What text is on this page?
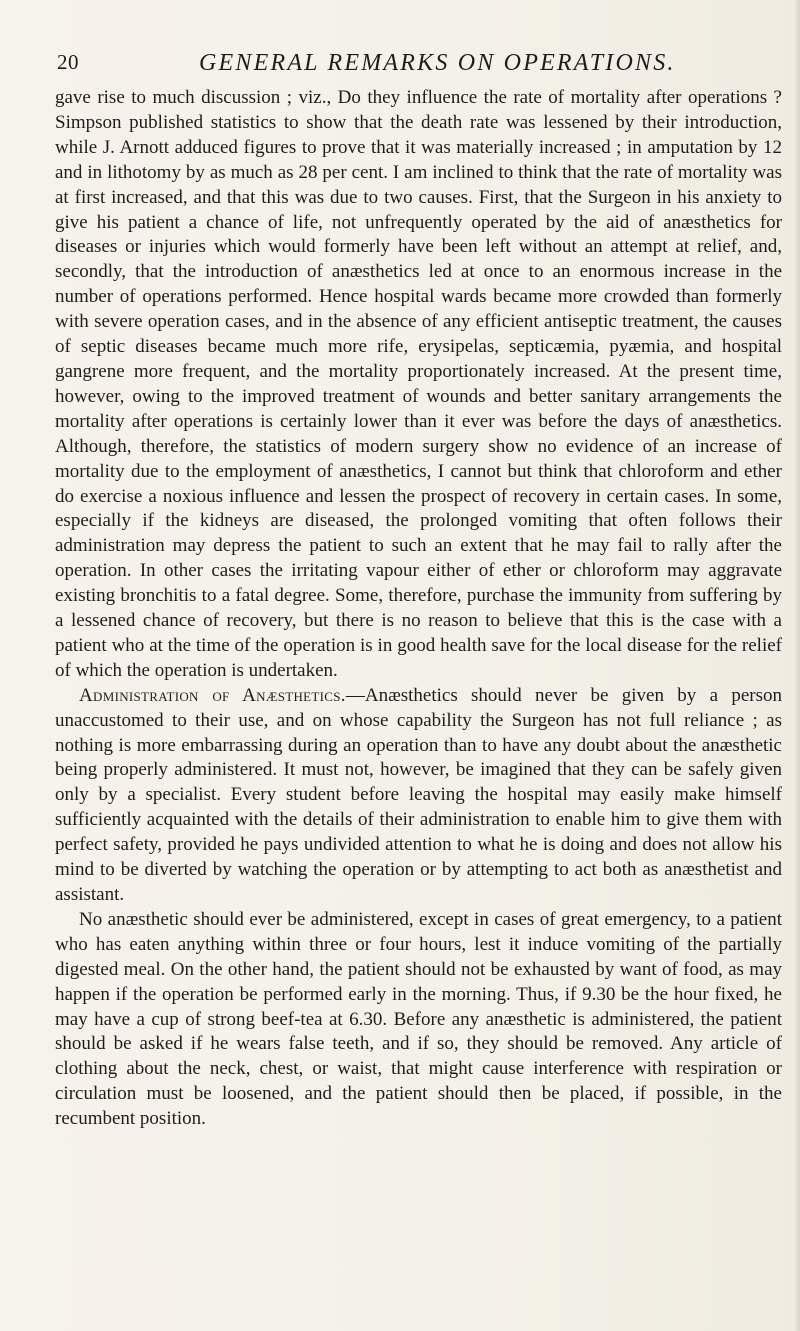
20	GENERAL REMARKS ON OPERATIONS.

gave rise to much discussion ; viz., Do they influence the rate of mortality after operations ? Simpson published statistics to show that the death rate was lessened by their introduction, while J. Arnott adduced figures to prove that it was materially increased ; in amputation by 12 and in lithotomy by as much as 28 per cent. I am inclined to think that the rate of mortality was at first increased, and that this was due to two causes. First, that the Surgeon in his anxiety to give his patient a chance of life, not unfrequently operated by the aid of anæsthetics for diseases or injuries which would formerly have been left without an attempt at relief, and, secondly, that the introduction of anæsthetics led at once to an enormous increase in the number of operations performed. Hence hospital wards became more crowded than formerly with severe operation cases, and in the absence of any efficient antiseptic treatment, the causes of septic diseases became much more rife, erysipelas, septicæmia, pyæmia, and hospital gangrene more frequent, and the mortality proportionately increased. At the present time, however, owing to the improved treatment of wounds and better sanitary arrangements the mortality after operations is certainly lower than it ever was before the days of anæsthetics. Although, therefore, the statistics of modern surgery show no evidence of an increase of mortality due to the employment of anæsthetics, I cannot but think that chloroform and ether do exercise a noxious influence and lessen the prospect of recovery in certain cases. In some, especially if the kidneys are diseased, the prolonged vomiting that often follows their administration may depress the patient to such an extent that he may fail to rally after the operation. In other cases the irritating vapour either of ether or chloroform may aggravate existing bronchitis to a fatal degree. Some, therefore, purchase the immunity from suffering by a lessened chance of recovery, but there is no reason to believe that this is the case with a patient who at the time of the operation is in good health save for the local disease for the relief of which the operation is undertaken.

Administration of Anæsthetics.—Anæsthetics should never be given by a person unaccustomed to their use, and on whose capability the Surgeon has not full reliance ; as nothing is more embarrassing during an operation than to have any doubt about the anæsthetic being properly administered. It must not, however, be imagined that they can be safely given only by a specialist. Every student before leaving the hospital may easily make himself sufficiently acquainted with the details of their administration to enable him to give them with perfect safety, provided he pays undivided attention to what he is doing and does not allow his mind to be diverted by watching the operation or by attempting to act both as anæsthetist and assistant.

No anæsthetic should ever be administered, except in cases of great emergency, to a patient who has eaten anything within three or four hours, lest it induce vomiting of the partially digested meal. On the other hand, the patient should not be exhausted by want of food, as may happen if the operation be performed early in the morning. Thus, if 9.30 be the hour fixed, he may have a cup of strong beef-tea at 6.30. Before any anæsthetic is administered, the patient should be asked if he wears false teeth, and if so, they should be removed. Any article of clothing about the neck, chest, or waist, that might cause interference with respiration or circulation must be loosened, and the patient should then be placed, if possible, in the recumbent position.
